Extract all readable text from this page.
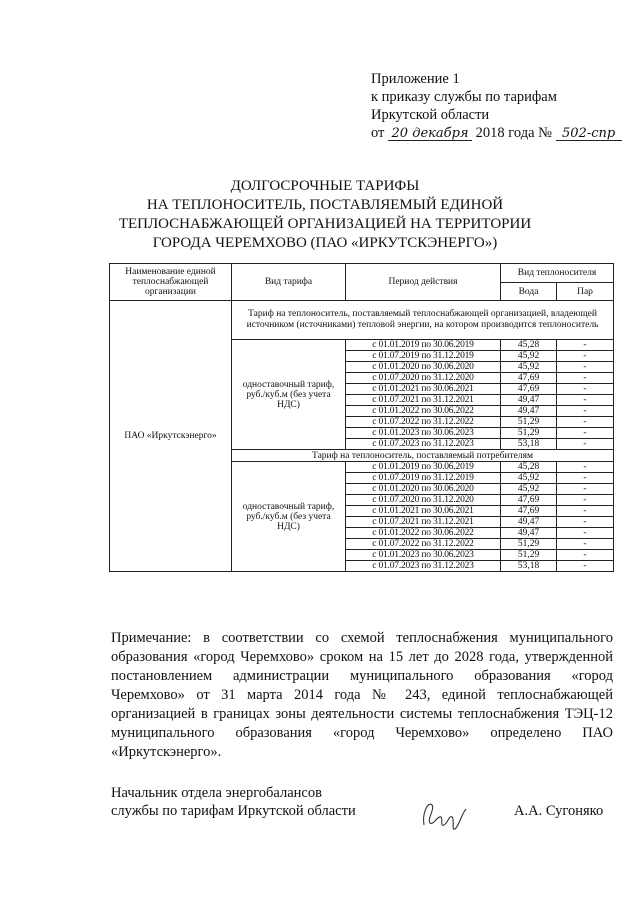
Приложение 1
к приказу службы по тарифам
Иркутской области
от 20 декабря 2018 года № 502-спр
ДОЛГОСРОЧНЫЕ ТАРИФЫ
НА ТЕПЛОНОСИТЕЛЬ, ПОСТАВЛЯЕМЫЙ ЕДИНОЙ
ТЕПЛОСНАБЖАЮЩЕЙ ОРГАНИЗАЦИЕЙ НА ТЕРРИТОРИИ
ГОРОДА ЧЕРЕМХОВО (ПАО «ИРКУТСКЭНЕРГО»)
Наименование единой теплоснабжающей организации	Вид тарифа	Период действия	Вид теплоносителя	
			Вода	Пар
ПАО «Иркутскэнерго»	Тариф на теплоноситель, поставляемый теплоснабжающей организацией, владеющей источником (источниками) тепловой энергии, на котором производится теплоноситель			
	одноставочный тариф, руб./куб.м (без учета НДС)	с 01.01.2019 по 30.06.2019	45,28	-
		с 01.07.2019 по 31.12.2019	45,92	-
		с 01.01.2020 по 30.06.2020	45,92	-
		с 01.07.2020 по 31.12.2020	47,69	-
		с 01.01.2021 по 30.06.2021	47,69	-
		с 01.07.2021 по 31.12.2021	49,47	-
		с 01.01.2022 по 30.06.2022	49,47	-
		с 01.07.2022 по 31.12.2022	51,29	-
		с 01.01.2023 по 30.06.2023	51,29	-
		с 01.07.2023 по 31.12.2023	53,18	-
	Тариф на теплоноситель, поставляемый потребителям			
	одноставочный тариф, руб./куб.м (без учета НДС)	с 01.01.2019 по 30.06.2019	45,28	-
		с 01.07.2019 по 31.12.2019	45,92	-
		с 01.01.2020 по 30.06.2020	45,92	-
		с 01.07.2020 по 31.12.2020	47,69	-
		с 01.01.2021 по 30.06.2021	47,69	-
		с 01.07.2021 по 31.12.2021	49,47	-
		с 01.01.2022 по 30.06.2022	49,47	-
		с 01.07.2022 по 31.12.2022	51,29	-
		с 01.01.2023 по 30.06.2023	51,29	-
		с 01.07.2023 по 31.12.2023	53,18	-
Примечание: в соответствии со схемой теплоснабжения муниципального образования «город Черемхово» сроком на 15 лет до 2028 года, утвержденной постановлением администрации муниципального образования «город Черемхово» от 31 марта 2014 года № 243, единой теплоснабжающей организацией в границах зоны деятельности системы теплоснабжения ТЭЦ-12 муниципального образования «город Черемхово» определено ПАО «Иркутскэнерго».
Начальник отдела энергобалансов
службы по тарифам Иркутской области	А.А. Сугоняко
